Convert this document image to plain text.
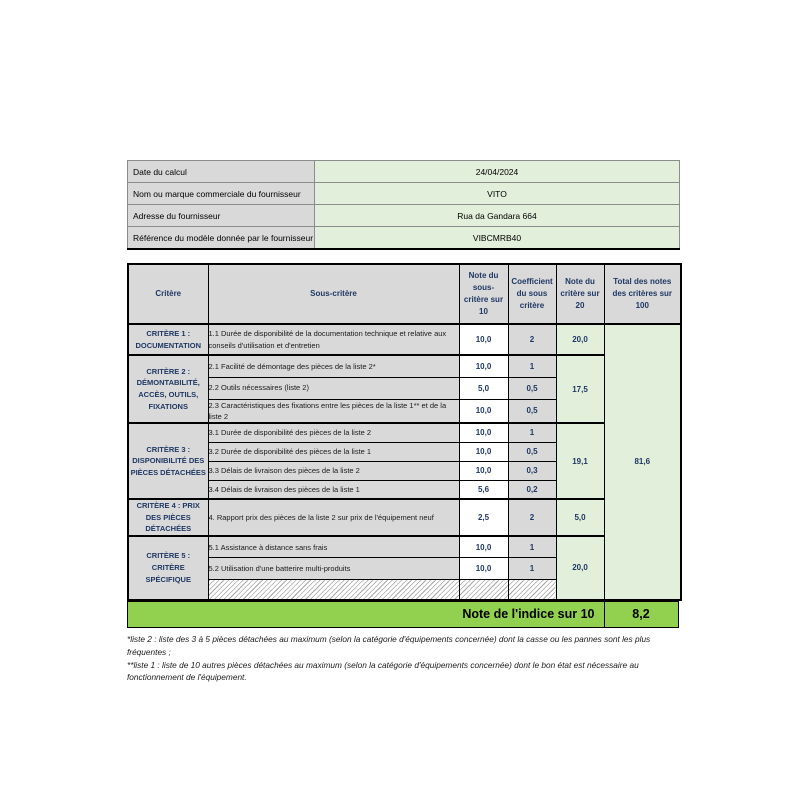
Date du calcul	24/04/2024
Nom ou marque commerciale du fournisseur	VITO
Adresse du fournisseur	Rua da Gandara 664
Référence du modèle donnée par le fournisseur	VIBCMRB40
Critère	Sous-critère	Note du sous-critère sur 10	Coefficient du sous critère	Note du critère sur 20	Total des notes des critères sur 100
CRITÈRE 1 : DOCUMENTATION	1.1 Durée de disponibilité de la documentation technique et relative aux conseils d'utilisation et d'entretien	10,0	2	20,0	81,6
CRITÈRE 2 : DÉMONTABILITÉ, ACCÈS, OUTILS, FIXATIONS	2.1 Facilité de démontage des pièces de la liste 2*	10,0	1	17,5	
	2.2 Outils nécessaires (liste 2)	5,0	0,5		
	2.3 Caractéristiques des fixations entre les pièces de la liste 1** et de la liste 2	10,0	0,5		
CRITÈRE 3 : DISPONIBILITÉ DES PIÈCES DÉTACHÉES	3.1 Durée de disponibilité des pièces de la liste 2	10,0	1	19,1	
	3.2 Durée de disponibilité des pièces de la liste 1	10,0	0,5		
	3.3 Délais de livraison des pièces de la liste 2	10,0	0,3		
	3.4 Délais de livraison des pièces de la liste 1	5,6	0,2		
CRITÈRE 4 : PRIX DES PIÈCES DÉTACHÉES	4. Rapport prix des pièces de la liste 2 sur prix de l'équipement neuf	2,5	2	5,0	
CRITÈRE 5 : CRITÈRE SPÉCIFIQUE	5.1 Assistance à distance sans frais	10,0	1	20,0	
	5.2 Utilisation d'une batterire multi-produits	10,0	1		

Note de l'indice sur 10	8,2

*liste 2 : liste des 3 à 5 pièces détachées au maximum (selon la catégorie d'équipements concernée) dont la casse ou les pannes sont les plus fréquentes ;

**liste 1 : liste de 10 autres pièces détachées au maximum (selon la catégorie d'équipements concernée) dont le bon état est nécessaire au fonctionnement de l'équipement.
